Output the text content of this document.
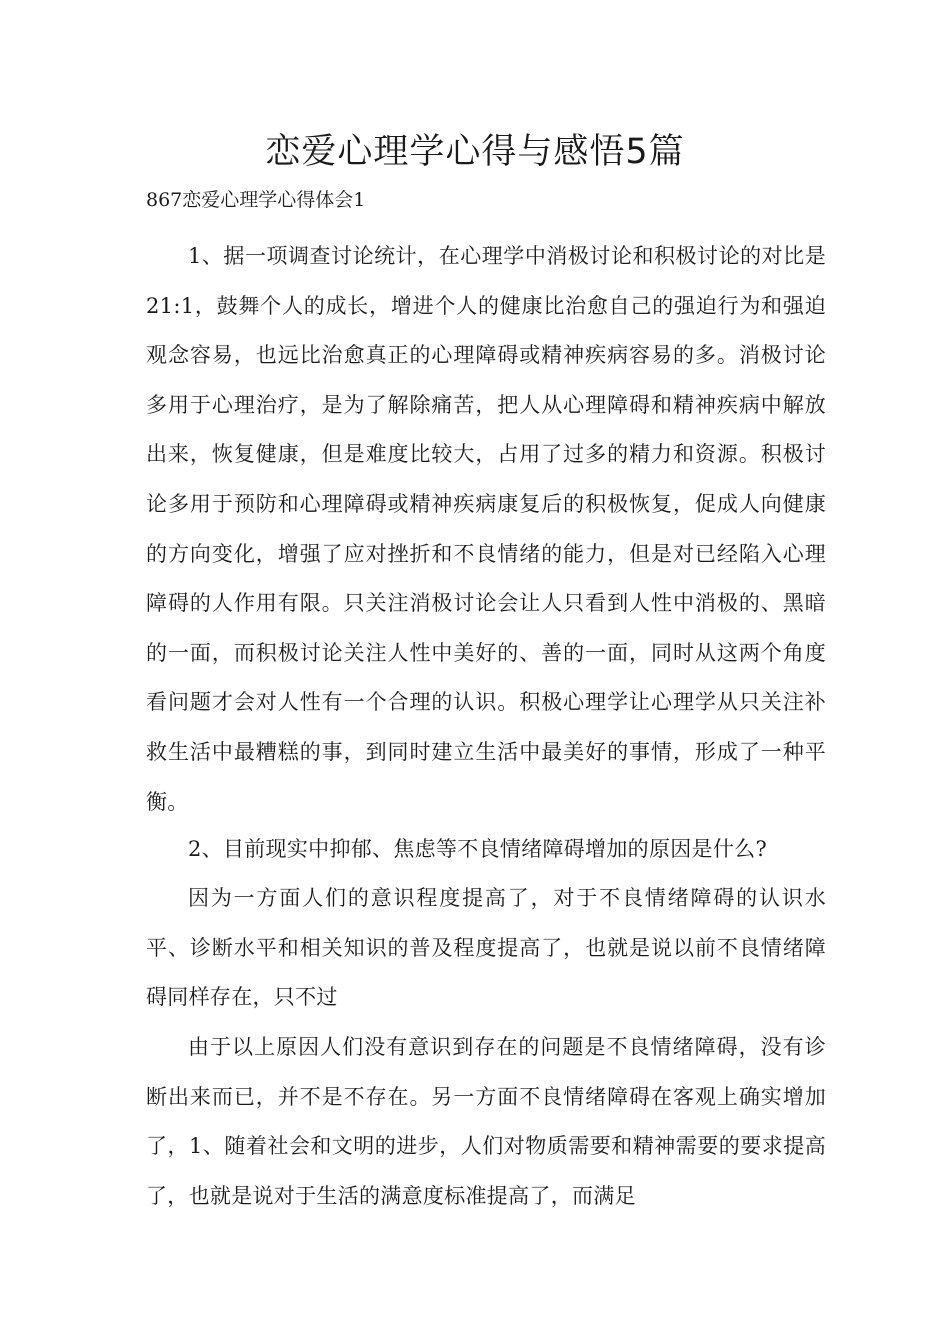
恋爱心理学心得与感悟5篇
867恋爱心理学心得体会1

1、据一项调查讨论统计，在心理学中消极讨论和积极讨论的对比是21:1，鼓舞个人的成长，增进个人的健康比治愈自己的强迫行为和强迫观念容易，也远比治愈真正的心理障碍或精神疾病容易的多。消极讨论多用于心理治疗，是为了解除痛苦，把人从心理障碍和精神疾病中解放出来，恢复健康，但是难度比较大，占用了过多的精力和资源。积极讨论多用于预防和心理障碍或精神疾病康复后的积极恢复，促成人向健康的方向变化，增强了应对挫折和不良情绪的能力，但是对已经陷入心理障碍的人作用有限。只关注消极讨论会让人只看到人性中消极的、黑暗的一面，而积极讨论关注人性中美好的、善的一面，同时从这两个角度看问题才会对人性有一个合理的认识。积极心理学让心理学从只关注补救生活中最糟糕的事，到同时建立生活中最美好的事情，形成了一种平衡。

2、目前现实中抑郁、焦虑等不良情绪障碍增加的原因是什么?

因为一方面人们的意识程度提高了，对于不良情绪障碍的认识水平、诊断水平和相关知识的普及程度提高了，也就是说以前不良情绪障碍同样存在，只不过

由于以上原因人们没有意识到存在的问题是不良情绪障碍，没有诊断出来而已，并不是不存在。另一方面不良情绪障碍在客观上确实增加了，1、随着社会和文明的进步，人们对物质需要和精神需要的要求提高了，也就是说对于生活的满意度标准提高了，而满足
